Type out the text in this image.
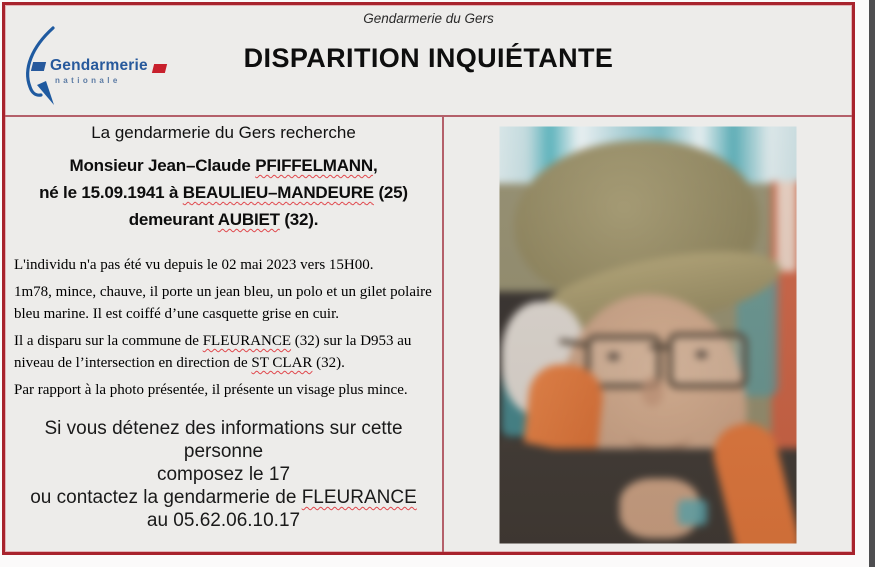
Gendarmerie du Gers
Gendarmerie
nationale
DISPARITION INQUIÉTANTE

La gendarmerie du Gers recherche

Monsieur Jean–Claude PFIFFELMANN,

né le 15.09.1941 à BEAULIEU–MANDEURE (25)

demeurant AUBIET (32).

L'individu n'a pas été vu depuis le 02 mai 2023 vers 15H00.

1m78, mince, chauve, il porte un jean bleu, un polo et un gilet polaire bleu marine. Il est coiffé d’une casquette grise en cuir.

Il a disparu sur la commune de FLEURANCE (32) sur la D953 au niveau de l’intersection en direction de ST CLAR (32).

Par rapport à la photo présentée, il présente un visage plus mince.

Si vous détenez des informations sur cette personne

composez le 17

ou contactez la gendarmerie de FLEURANCE

au 05.62.06.10.17
